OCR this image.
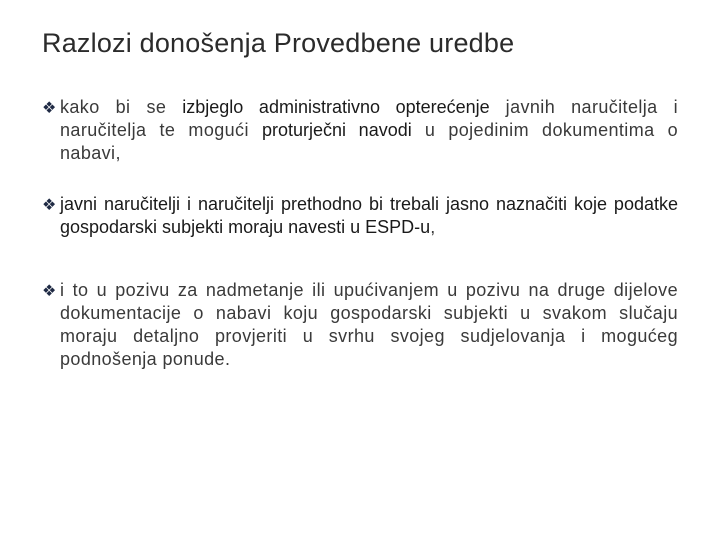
Razlozi donošenja Provedbene uredbe
❖ kako bi se izbjeglo administrativno opterećenje javnih naručitelja i naručitelja te mogući proturječni navodi u pojedinim dokumentima o nabavi,
❖ javni naručitelji i naručitelji prethodno bi trebali jasno naznačiti koje podatke gospodarski subjekti moraju navesti u ESPD-u,
❖ i to u pozivu za nadmetanje ili upućivanjem u pozivu na druge dijelove dokumentacije o nabavi koju gospodarski subjekti u svakom slučaju moraju detaljno provjeriti u svrhu svojeg sudjelovanja i mogućeg podnošenja ponude.
